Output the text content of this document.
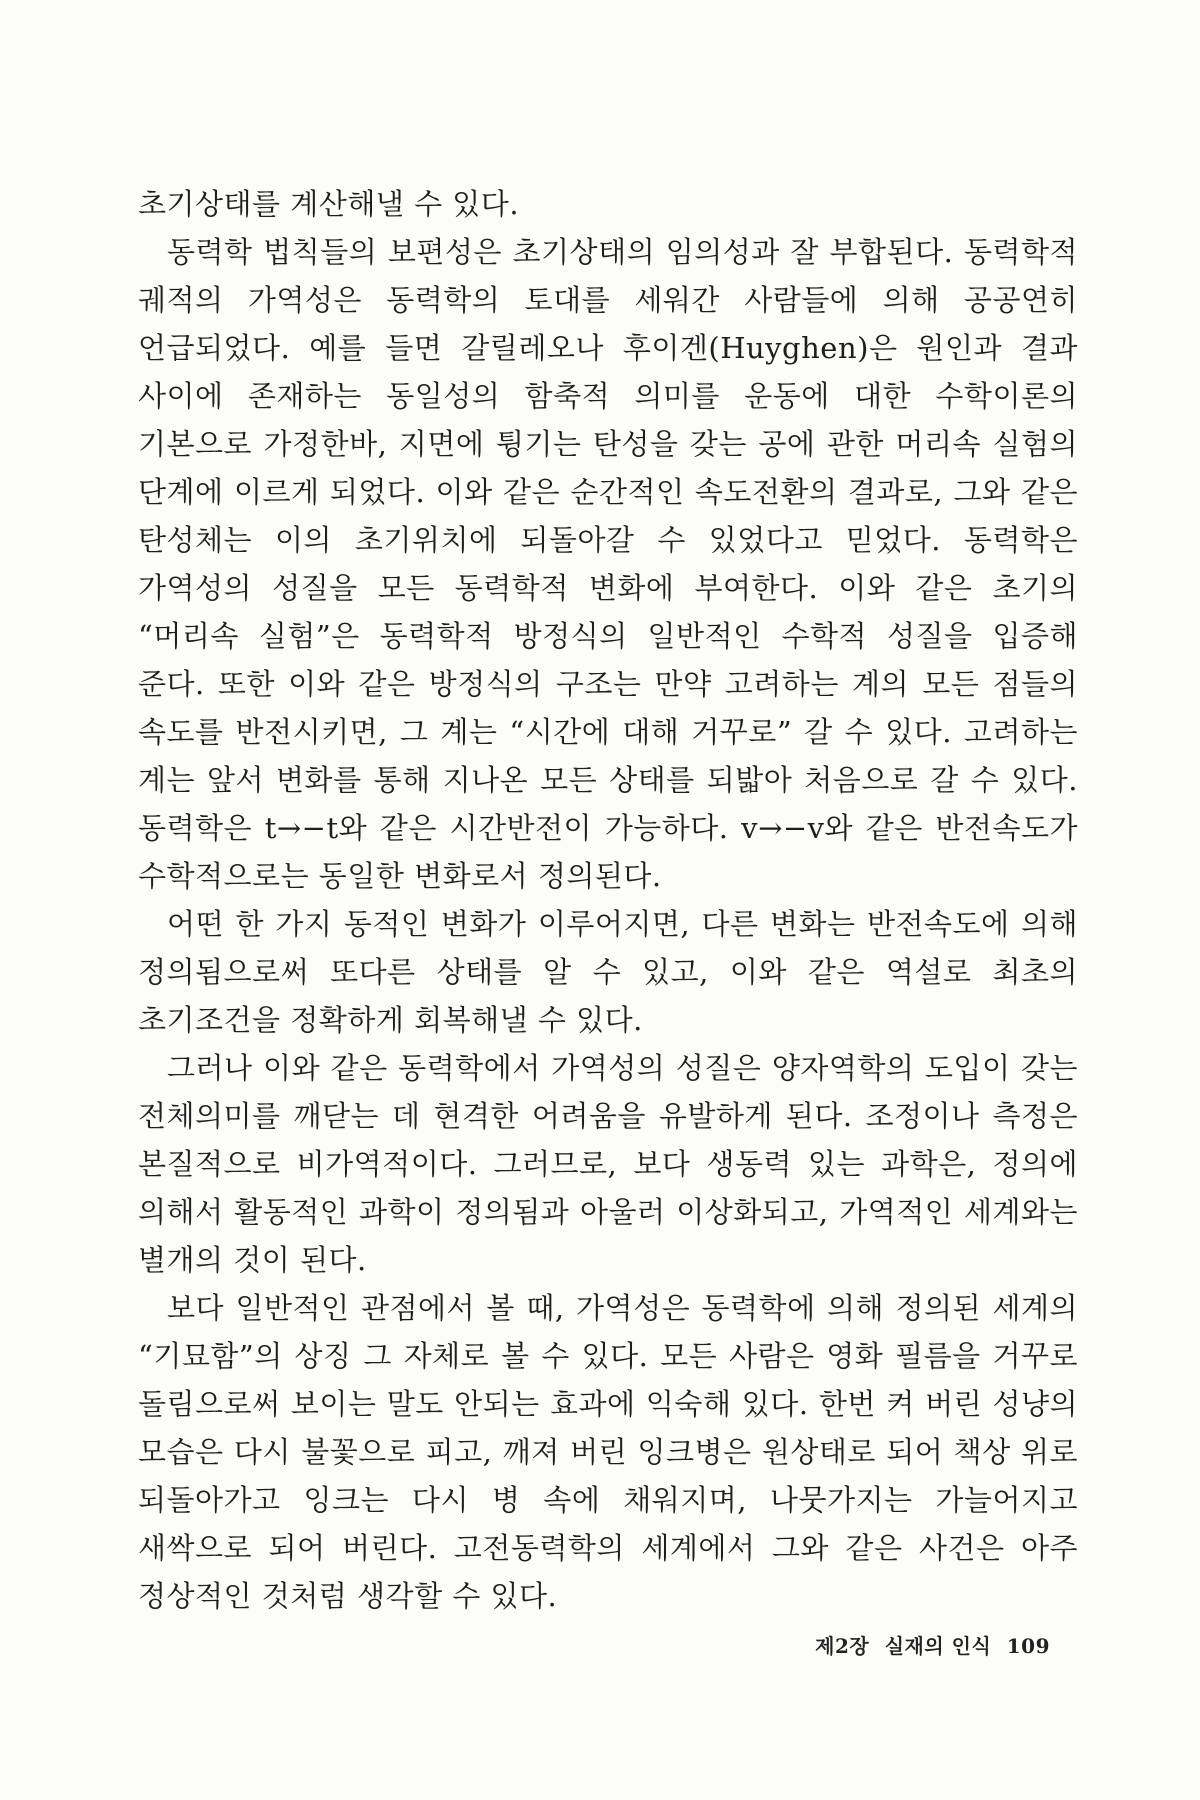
초기상태를 계산해낼 수 있다.

동력학 법칙들의 보편성은 초기상태의 임의성과 잘 부합된다. 동력학적 궤적의 가역성은 동력학의 토대를 세워간 사람들에 의해 공공연히 언급되었다. 예를 들면 갈릴레오나 후이겐(Huyghen)은 원인과 결과 사이에 존재하는 동일성의 함축적 의미를 운동에 대한 수학이론의 기본으로 가정한바, 지면에 튕기는 탄성을 갖는 공에 관한 머리속 실험의 단계에 이르게 되었다. 이와 같은 순간적인 속도전환의 결과로, 그와 같은 탄성체는 이의 초기위치에 되돌아갈 수 있었다고 믿었다. 동력학은 가역성의 성질을 모든 동력학적 변화에 부여한다. 이와 같은 초기의 “머리속 실험”은 동력학적 방정식의 일반적인 수학적 성질을 입증해 준다. 또한 이와 같은 방정식의 구조는 만약 고려하는 계의 모든 점들의 속도를 반전시키면, 그 계는 “시간에 대해 거꾸로” 갈 수 있다. 고려하는 계는 앞서 변화를 통해 지나온 모든 상태를 되밟아 처음으로 갈 수 있다. 동력학은 t→−t와 같은 시간반전이 가능하다. v→−v와 같은 반전속도가 수학적으로는 동일한 변화로서 정의된다.

어떤 한 가지 동적인 변화가 이루어지면, 다른 변화는 반전속도에 의해 정의됨으로써 또다른 상태를 알 수 있고, 이와 같은 역설로 최초의 초기조건을 정확하게 회복해낼 수 있다.

그러나 이와 같은 동력학에서 가역성의 성질은 양자역학의 도입이 갖는 전체의미를 깨닫는 데 현격한 어려움을 유발하게 된다. 조정이나 측정은 본질적으로 비가역적이다. 그러므로, 보다 생동력 있는 과학은, 정의에 의해서 활동적인 과학이 정의됨과 아울러 이상화되고, 가역적인 세계와는 별개의 것이 된다.

보다 일반적인 관점에서 볼 때, 가역성은 동력학에 의해 정의된 세계의 “기묘함”의 상징 그 자체로 볼 수 있다. 모든 사람은 영화 필름을 거꾸로 돌림으로써 보이는 말도 안되는 효과에 익숙해 있다. 한번 켜 버린 성냥의 모습은 다시 불꽃으로 피고, 깨져 버린 잉크병은 원상태로 되어 책상 위로 되돌아가고 잉크는 다시 병 속에 채워지며, 나뭇가지는 가늘어지고 새싹으로 되어 버린다. 고전동력학의 세계에서 그와 같은 사건은 아주 정상적인 것처럼 생각할 수 있다.

제2장 실재의 인식 109
